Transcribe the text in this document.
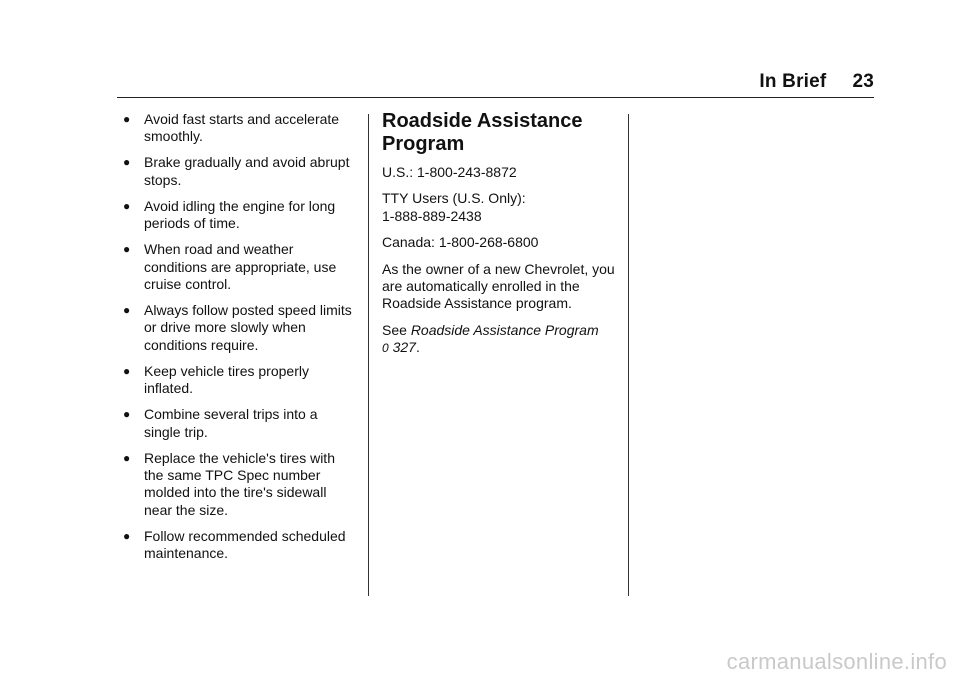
In Brief 23
● Avoid fast starts and accelerate smoothly.
● Brake gradually and avoid abrupt stops.
● Avoid idling the engine for long periods of time.
● When road and weather conditions are appropriate, use cruise control.
● Always follow posted speed limits or drive more slowly when conditions require.
● Keep vehicle tires properly inflated.
● Combine several trips into a single trip.
● Replace the vehicle's tires with the same TPC Spec number molded into the tire's sidewall near the size.
● Follow recommended scheduled maintenance.
Roadside Assistance Program

U.S.: 1-800-243-8872

TTY Users (U.S. Only):
1-888-889-2438

Canada: 1-800-268-6800

As the owner of a new Chevrolet, you are automatically enrolled in the Roadside Assistance program.

See Roadside Assistance Program
0 327.

carmanualsonline.info
